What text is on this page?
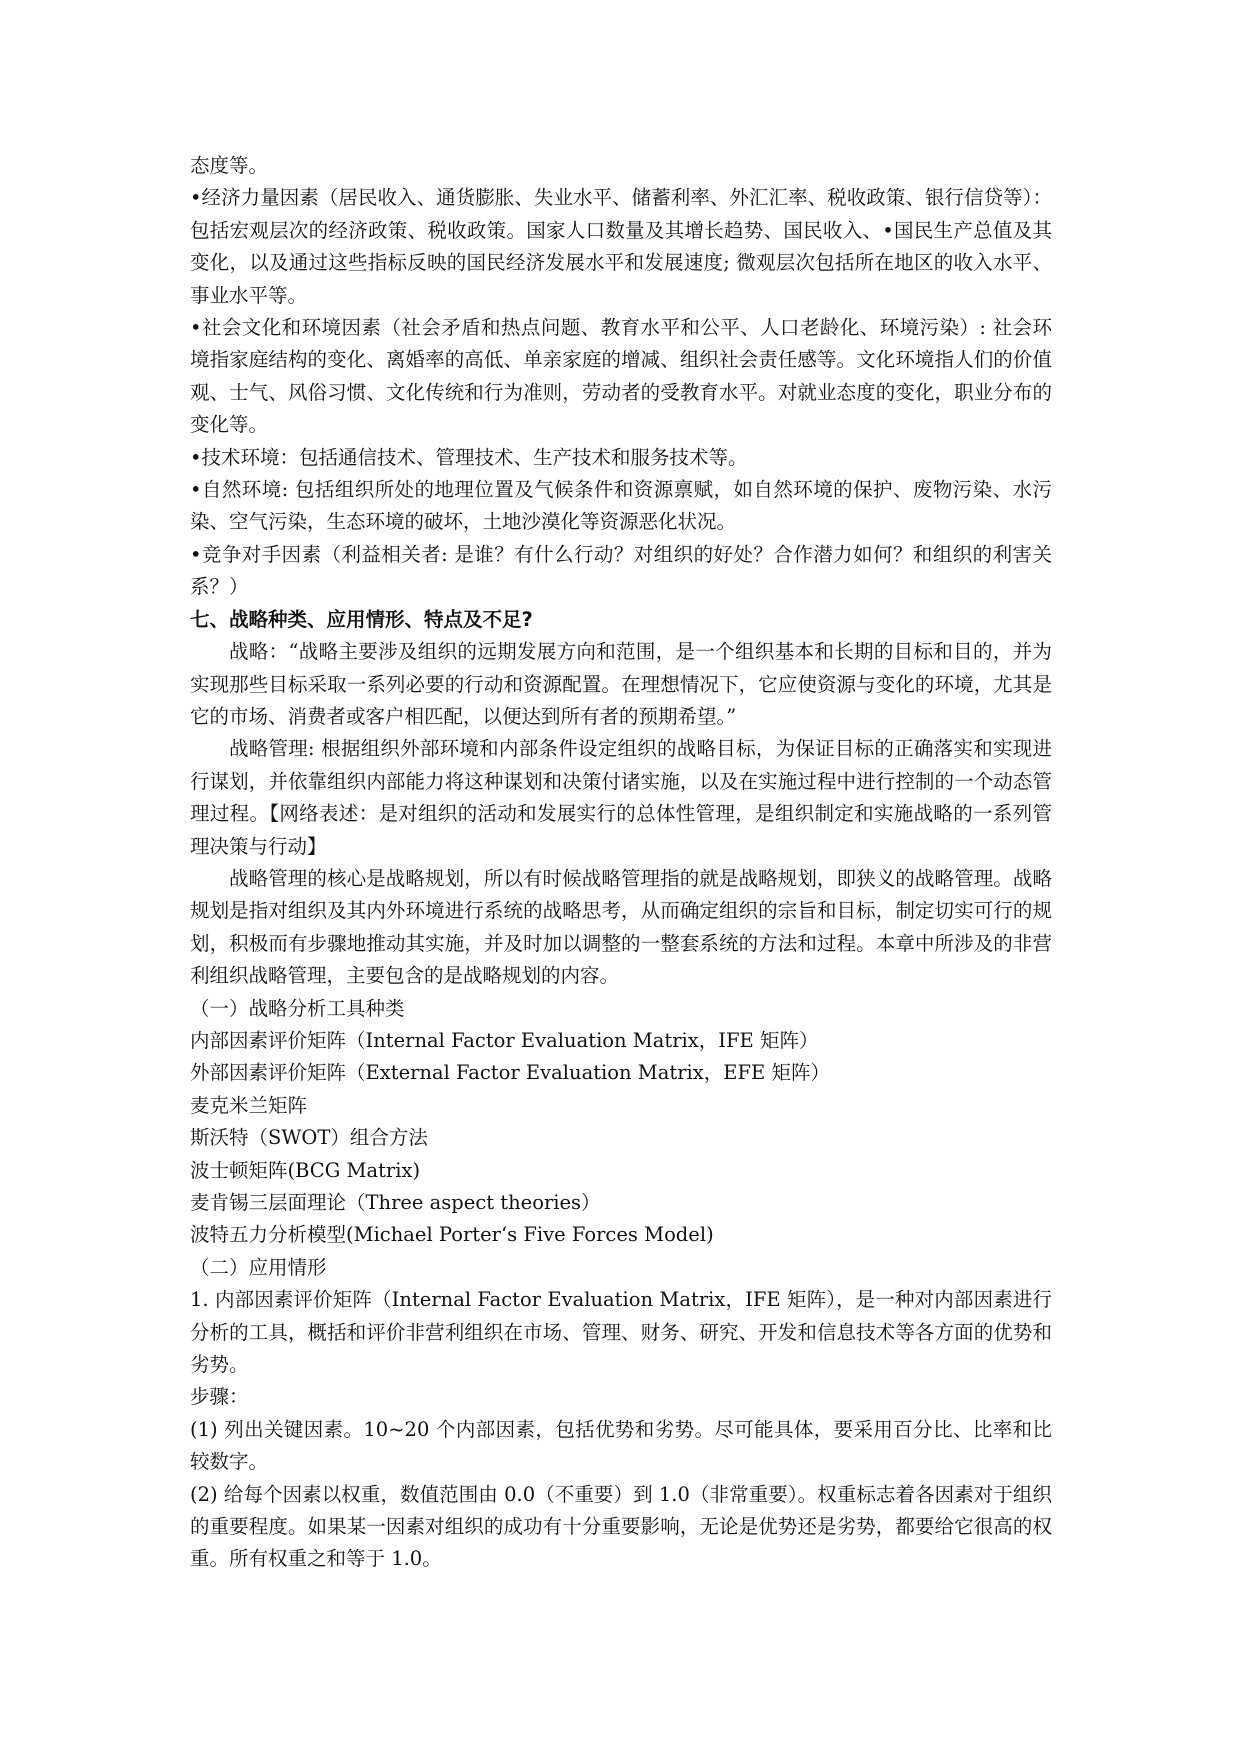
态度等。

•经济力量因素（居民收入、通货膨胀、失业水平、储蓄利率、外汇汇率、税收政策、银行信贷等）：包括宏观层次的经济政策、税收政策。国家人口数量及其增长趋势、国民收入、•国民生产总值及其变化，以及通过这些指标反映的国民经济发展水平和发展速度; 微观层次包括所在地区的收入水平、事业水平等。

•社会文化和环境因素（社会矛盾和热点问题、教育水平和公平、人口老龄化、环境污染）: 社会环境指家庭结构的变化、离婚率的高低、单亲家庭的增减、组织社会责任感等。文化环境指人们的价值观、士气、风俗习惯、文化传统和行为准则，劳动者的受教育水平。对就业态度的变化，职业分布的变化等。

•技术环境：包括通信技术、管理技术、生产技术和服务技术等。

•自然环境: 包括组织所处的地理位置及气候条件和资源禀赋，如自然环境的保护、废物污染、水污染、空气污染，生态环境的破坏，土地沙漠化等资源恶化状况。

•竞争对手因素（利益相关者: 是谁？有什么行动？对组织的好处？合作潜力如何？和组织的利害关系？）

七、战略种类、应用情形、特点及不足?

战略：“战略主要涉及组织的远期发展方向和范围，是一个组织基本和长期的目标和目的，并为实现那些目标采取一系列必要的行动和资源配置。在理想情况下，它应使资源与变化的环境，尤其是它的市场、消费者或客户相匹配，以便达到所有者的预期希望。”

战略管理: 根据组织外部环境和内部条件设定组织的战略目标，为保证目标的正确落实和实现进行谋划，并依靠组织内部能力将这种谋划和决策付诸实施，以及在实施过程中进行控制的一个动态管理过程。【网络表述：是对组织的活动和发展实行的总体性管理，是组织制定和实施战略的一系列管理决策与行动】

战略管理的核心是战略规划，所以有时候战略管理指的就是战略规划，即狭义的战略管理。战略规划是指对组织及其内外环境进行系统的战略思考，从而确定组织的宗旨和目标，制定切实可行的规划，积极而有步骤地推动其实施，并及时加以调整的一整套系统的方法和过程。本章中所涉及的非营利组织战略管理，主要包含的是战略规划的内容。

（一）战略分析工具种类

内部因素评价矩阵（Internal Factor Evaluation Matrix，IFE 矩阵）

外部因素评价矩阵（External Factor Evaluation Matrix，EFE 矩阵）

麦克米兰矩阵

斯沃特（SWOT）组合方法

波士顿矩阵(BCG Matrix)

麦肯锡三层面理论（Three aspect theories）

波特五力分析模型(Michael Porter‘s Five Forces Model)

（二）应用情形

1. 内部因素评价矩阵（Internal Factor Evaluation Matrix，IFE 矩阵），是一种对内部因素进行分析的工具，概括和评价非营利组织在市场、管理、财务、研究、开发和信息技术等各方面的优势和劣势。

步骤：

(1) 列出关键因素。10~20 个内部因素，包括优势和劣势。尽可能具体，要采用百分比、比率和比较数字。

(2) 给每个因素以权重，数值范围由 0.0（不重要）到 1.0（非常重要）。权重标志着各因素对于组织的重要程度。如果某一因素对组织的成功有十分重要影响，无论是优势还是劣势，都要给它很高的权重。所有权重之和等于 1.0。
